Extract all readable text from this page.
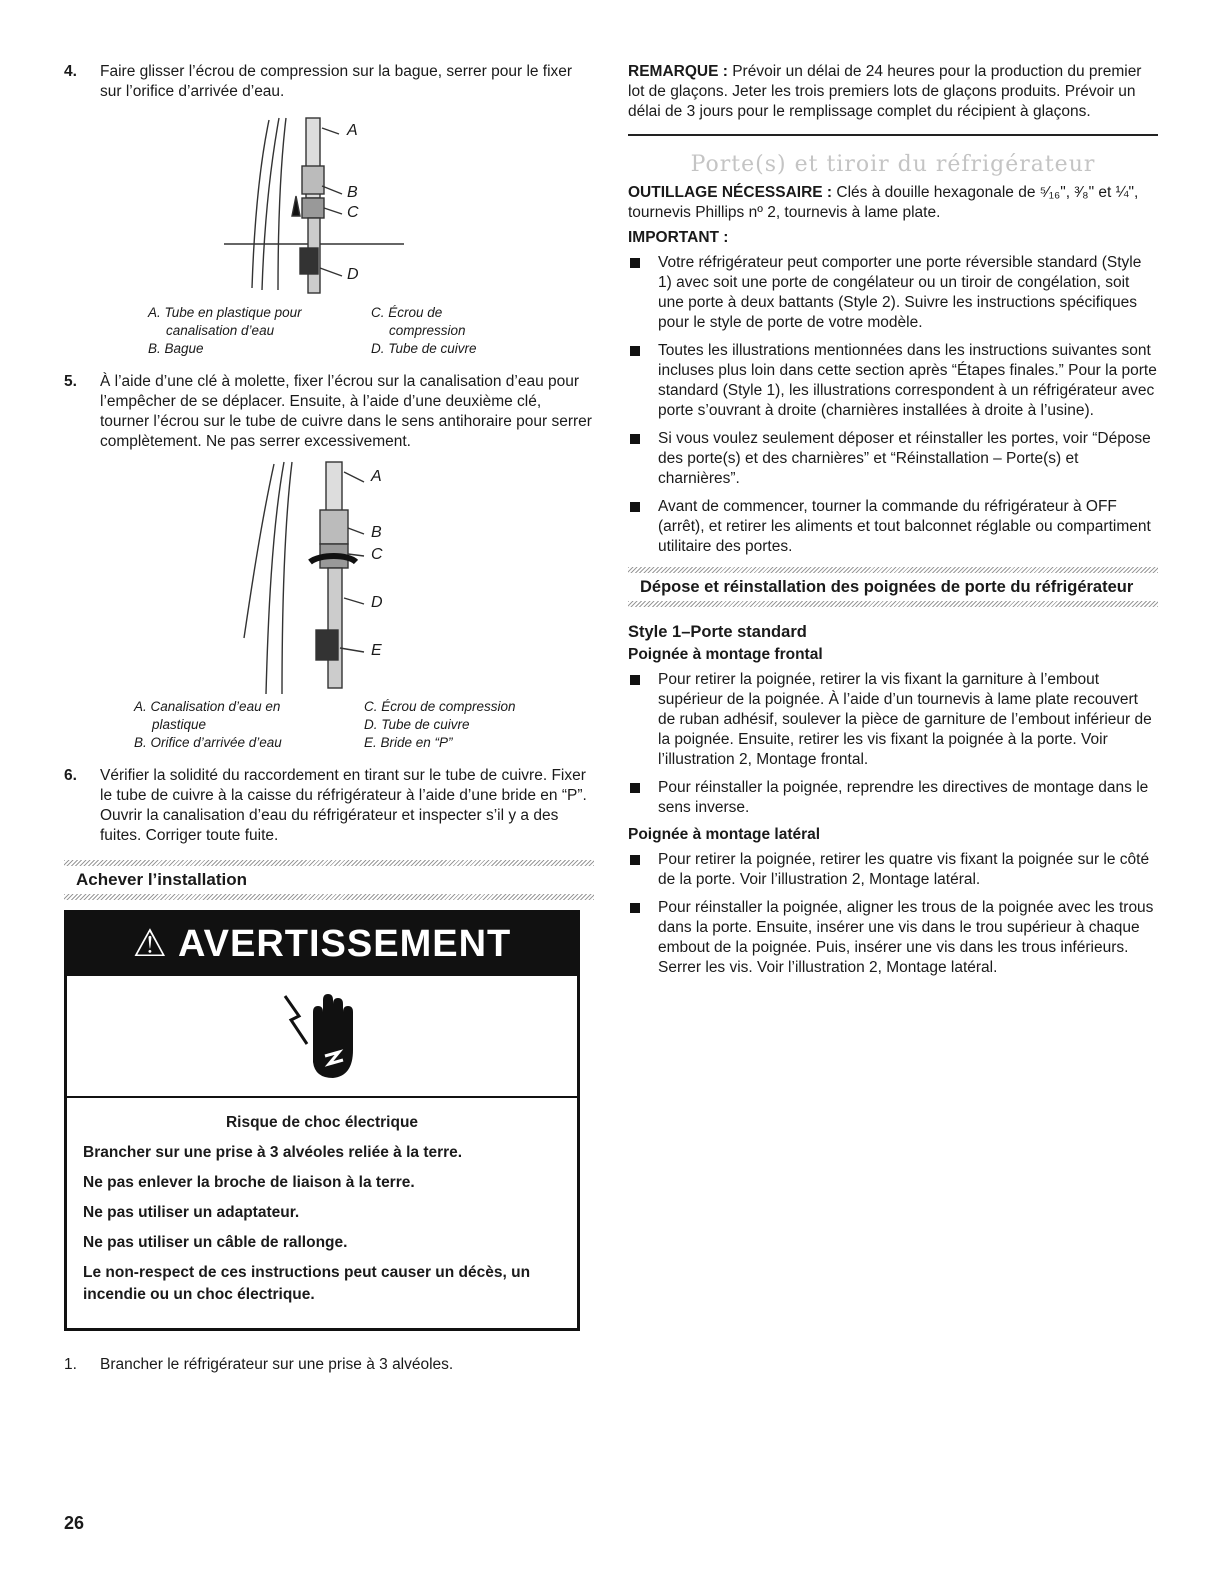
4.	Faire glisser l’écrou de compression sur la bague, serrer pour le fixer sur l’orifice d’arrivée d’eau.
A
B
C
D
A. Tube en plastique pour
canalisation d’eau
B. Bague
C. Écrou de
compression
D. Tube de cuivre
5.	À l’aide d’une clé à molette, fixer l’écrou sur la canalisation d’eau pour l’empêcher de se déplacer. Ensuite, à l’aide d’une deuxième clé, tourner l’écrou sur le tube de cuivre dans le sens antihoraire pour serrer complètement. Ne pas serrer excessivement.
A
B
C
D
E
A. Canalisation d’eau en
plastique
B. Orifice d’arrivée d’eau
C. Écrou de compression
D. Tube de cuivre
E. Bride en “P”
6.	Vérifier la solidité du raccordement en tirant sur le tube de cuivre. Fixer le tube de cuivre à la caisse du réfrigérateur à l’aide d’une bride en “P”. Ouvrir la canalisation d’eau du réfrigérateur et inspecter s’il y a des fuites. Corriger toute fuite.
Achever l’installation
⚠ AVERTISSEMENT

Risque de choc électrique

Brancher sur une prise à 3 alvéoles reliée à la terre.

Ne pas enlever la broche de liaison à la terre.

Ne pas utiliser un adaptateur.

Ne pas utiliser un câble de rallonge.

Le non-respect de ces instructions peut causer un décès, un incendie ou un choc électrique.

1.	Brancher le réfrigérateur sur une prise à 3 alvéoles.

REMARQUE : Prévoir un délai de 24 heures pour la production du premier lot de glaçons. Jeter les trois premiers lots de glaçons produits. Prévoir un délai de 3 jours pour le remplissage complet du récipient à glaçons.

Porte(s) et tiroir du réfrigérateur

OUTILLAGE NÉCESSAIRE : Clés à douille hexagonale de ⁵⁄₁₆", ³⁄₈" et ¼", tournevis Phillips nº 2, tournevis à lame plate.

IMPORTANT :

Votre réfrigérateur peut comporter une porte réversible standard (Style 1) avec soit une porte de congélateur ou un tiroir de congélation, soit une porte à deux battants (Style 2). Suivre les instructions spécifiques pour le style de porte de votre modèle.
Toutes les illustrations mentionnées dans les instructions suivantes sont incluses plus loin dans cette section après “Étapes finales.” Pour la porte standard (Style 1), les illustrations correspondent à un réfrigérateur avec porte s’ouvrant à droite (charnières installées à droite à l’usine).
Si vous voulez seulement déposer et réinstaller les portes, voir “Dépose des porte(s) et des charnières” et “Réinstallation – Porte(s) et charnières”.
Avant de commencer, tourner la commande du réfrigérateur à OFF (arrêt), et retirer les aliments et tout balconnet réglable ou compartiment utilitaire des portes.
Dépose et réinstallation des poignées de porte du réfrigérateur

Style 1–Porte standard

Poignée à montage frontal

Pour retirer la poignée, retirer la vis fixant la garniture à l’embout supérieur de la poignée. À l’aide d’un tournevis à lame plate recouvert de ruban adhésif, soulever la pièce de garniture de l’embout inférieur de la poignée. Ensuite, retirer les vis fixant la poignée à la porte. Voir l’illustration 2, Montage frontal.
Pour réinstaller la poignée, reprendre les directives de montage dans le sens inverse.

Poignée à montage latéral

Pour retirer la poignée, retirer les quatre vis fixant la poignée sur le côté de la porte. Voir l’illustration 2, Montage latéral.
Pour réinstaller la poignée, aligner les trous de la poignée avec les trous dans la porte. Ensuite, insérer une vis dans le trou supérieur à chaque embout de la poignée. Puis, insérer une vis dans les trous inférieurs. Serrer les vis. Voir l’illustration 2, Montage latéral.
26
